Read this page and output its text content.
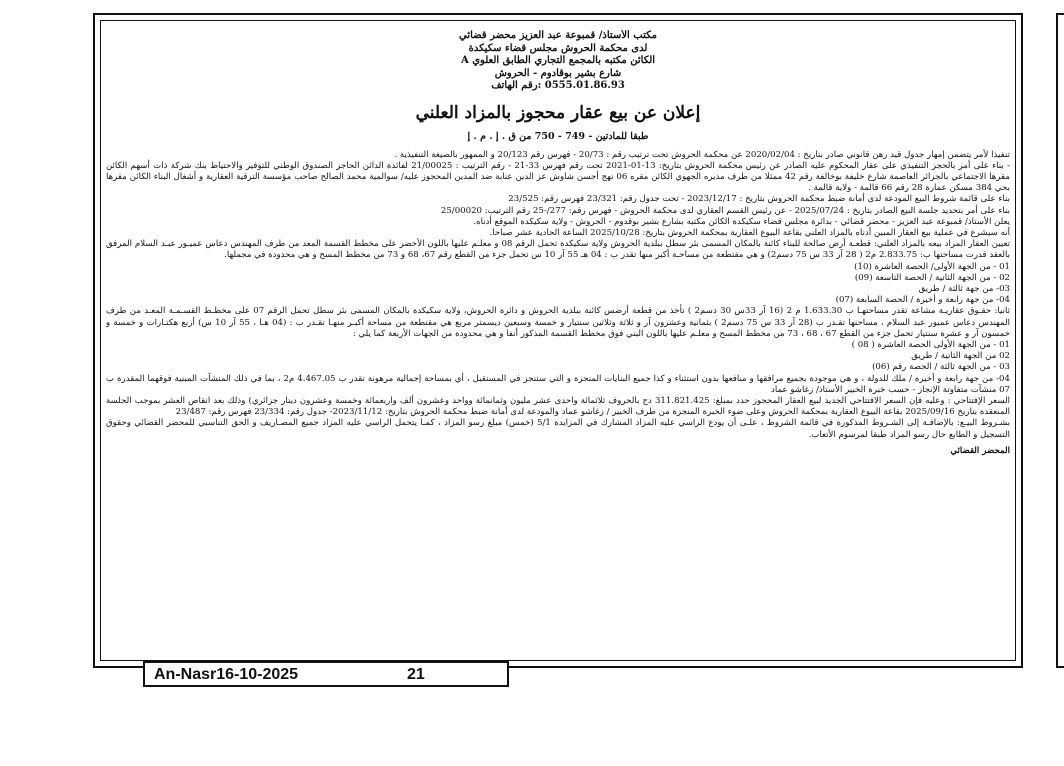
مكتب الأستاذ/ قمبوعة عبد العزيز محضر قضائي
لدى محكمة الحروش مجلس قضاء سكيكدة
الكائن مكتبه بالمجمع التجاري الطابق العلوي A
شارع بشير بوقادوم - الحروش
0555.01.86.93 :رقم الهاتف
إعلان عن بيع عقار محجوز بالمزاد العلني
طبقا للمادتين - 749 - 750 من ق . إ . م . إ

تنفيذا لأمر يتضمن إمهار جدول قيد رهن قانوني صادر بتاريخ : 2020/02/04 عن محكمة الحروش تحت ترتيب رقم : 20/73 - فهرس رقم 20/123 و الممهور بالصيغة التنفيذية .

- بناء على أمر بالحجز التنفيذي على عقار المحكوم عليه الصادر عن رئيس محكمة الحروش بتاريخ: 13-01-2021 تحت رقم فهرس 33-21 - رقم الترتيب : 21/00025 لفائدة الدائن الحاجز الصندوق الوطني للتوفير والاحتياط بنك شركة ذات أسهم الكائن مقرها الاجتماعي بالجزائر العاصمة شارع خليفة بوخالفة رقم 42 ممثلا من طرف مديره الجهوي الكائن مقره 06 نهج أحسن شاوش عز الدين عنابة ضد المدين المحجوز عليه/ سوالمية محمد الصالح صاحب مؤسسة الترقية العقارية و أشغال البناء الكائن مقرها بحي 384 مسكن عمارة 28 رقم 66 قالمة - ولاية قالمة .

بناء على قائمة شروط البيع المودعة لدى أمانة ضبط محكمة الحروش بتاريخ : 2023/12/17 - تحت جدول رقم: 23/321 فهرس رقم: 23/525

بناء على أمر بتحديد جلسة البيع الصادر بتاريخ : 2025/07/24 - عن رئيس القسم العقاري لدى محكمة الحروش - فهرس رقم: 277/-25 رقم الترتيب: 25/00020

يعلن الأستاذ/ قمبوعة عبد العزيز - محضر قضائي - بدائرة مجلس قضاء سكيكدة الكائن مكتبه بشارع بشير بوقدوم - الحروش - ولاية سكيكدة الموقع أدناه.

أنه سيشرع في عملية بيع العقار المبين أدناه بالمزاد العلني بقاعة البيوع العقارية بمحكمة الحروش بتاريخ: 2025/10/28 الساعة الحادية عشر صباحا.

تعيين العقار المراد بيعه بالمزاد العلني: قطعـة أرض صالحة للبناء كائنة بالمكان المسمى بئر سطل ببلدية الحروش ولاية سكيكدة تحمل الرقم 08 و معلـم عليها باللون الأخضر على مخطط القسمة المعد من طرف المهندس دعاس عميـور عبـد السلام المرفق بالعقد قدرت مساحتها ب: 2.833.75 م2 ( 28 آر 33 س 75 دسم2) و هي مقتطعة من مساحـة أكبر منها تقدر ب : 04 هـ 55 آر 10 س تحمل جزء من القطع رقم 67، 68 و 73 من مخطط المسح و هي محدودة في مجملها.

01 - من الجهة الأولى/ الحصة العاشرة (10)

02 - من الجهة الثانية / الحصة التاسعة (09)

03- من جهة ثالثة / طريق

04- من جهة رابعة و أخيرة / الحصة السابعة (07)

ثانيا: حقـوق عقاريـة مشاعة تقدر مساحتهـا ب 1.633.30 م 2 (16 آر 33س 30 دسم2 ) تأخذ من قطعة أرضس كائنة ببلدية الحروش و دائرة الحروش، ولاية سكيكدة بالمكان المسمى بئر سطل تحمل الرقم 07 على مخطـط القسـمـة المعـد من طرف المهندس دعاس عميور عبد السلام ، مساحتها تقـدر ب (28 آر 33 س 75 دسم2 ) بثمانية وعشرون آر و ثلاثة وثلاثين سنتيار و خمسة وسبعين ديسمتر مربع هي مقتطعة من مساحة أكبـر منهـا تقـدر ب : (04 هـا ، 55 آر 10 س) أربع هكتـارات و خمسة و خمسون آر و عشرة سنتيار تحمل جزء من القطع 67 ، 68 ، 73 من مخطط المسح و معلـم عليها باللون البني فوق مخطط القسمة المذكور أنفا و هي محدودة من الجهات الأربعة كما يلي :

01 - من الجهة الأولى الحصة العاشرة ( 08 )

02 من الجهة الثانية / طريق

03 - من الجهة ثالثة / الحصة رقم (06)

04- من جهة رابعة و أخيرة / ملك للدولة ، و هي موجودة بجميع مرافقها و منافعها بدون استثناء و كذا جميع البنايات المنجزة و التي ستنجز في المستقبل ، أي بمساحة إجمالية مرهونة تقدر ب 4.467.05 م2 ، بما في ذلك المنشآت المبنية فوقهما المقدرة ب 07 منشآت متفاوتة الإنجاز - حسب خبرة الخبير الأستاذ/ زغاشو عماد

السعر الإفتتاحي : وعليه فإن السعر الافتتاحي الجديد لبيع العقار المحجوز حدد بمبلغ: 311.821.425 دج بالحروف ثلاثمائة واحدى عشر مليون وثمانمائة وواحد وعشرون ألف واربعمائة وخمسة وعشرون دينار جزائري) وذلك بعد انقاص العشر بموجب الجلسة المنعقدة بتاريخ 2025/09/16 بقاعة البيوع العقارية بمحكمة الحروش وعلى ضوء الخبرة المنجزة من طرف الخبير / زغاشو عماد والمودعة لدى أمانة ضبط محكمة الحروش بتاريخ: 2023/11/12- جدول رقم: 23/334 فهرس رقم: 23/487

بشـروط البيـع: بالإضافـة إلى الشـروط المذكورة في قائمة الشروط ، علـى أن يودع الراسي عليه المزاد المشارك في المزايدة 5/1 (خمس) مبلغ رسو المزاد ، كمـا يتحمل الراسي عليه المزاد جميع المصـاريف و الحق التناسبي للمحضر القضائي وحقوق التسجيل و الطابع حال رسو المزاد طبقا لمرسوم الأتعاب.

المحضر القضائي
An-Nasr16-10-2025	21
